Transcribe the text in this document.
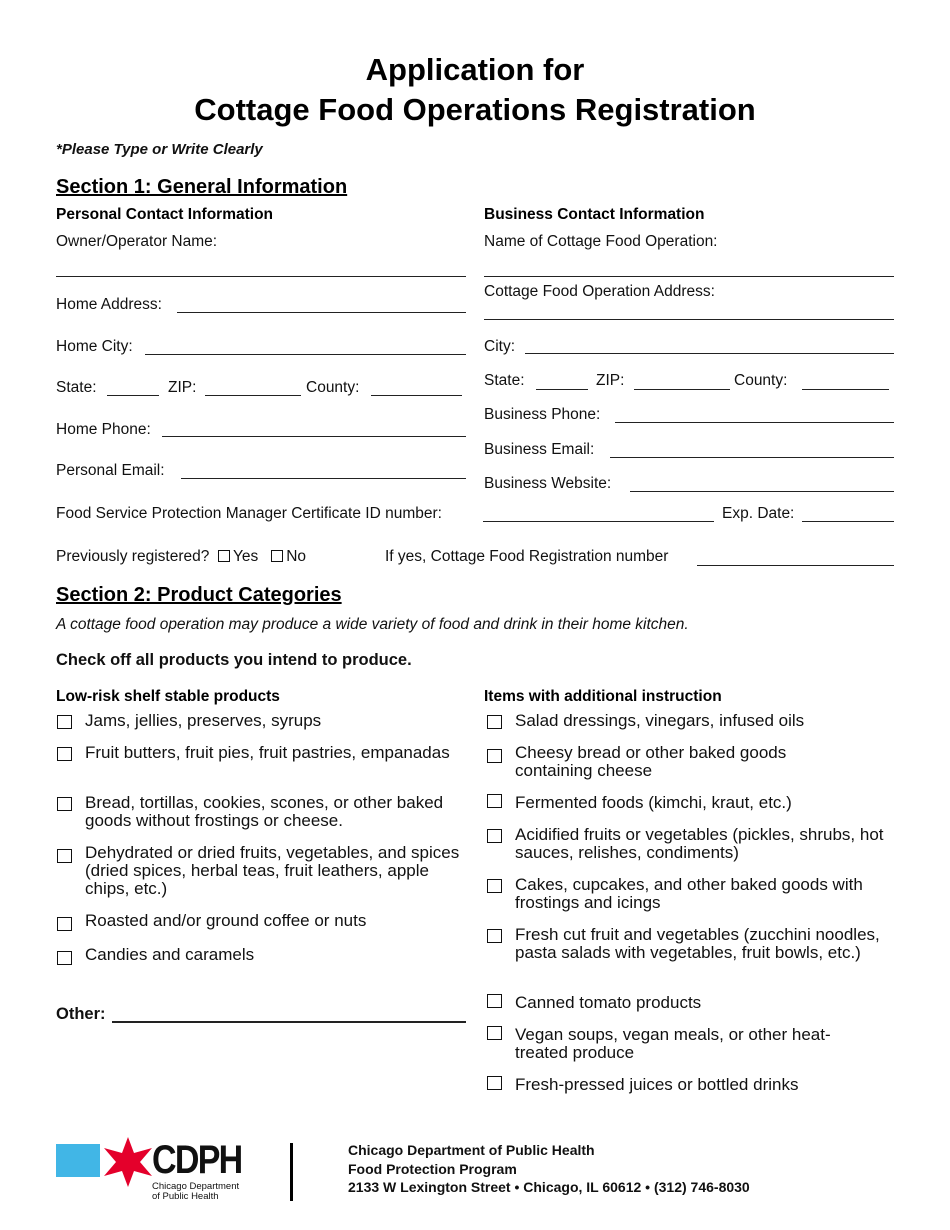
Application for
Cottage Food Operations Registration
*Please Type or Write Clearly
Section 1: General Information
Personal Contact Information
Owner/Operator Name:
Home Address:
Home City:
State:	ZIP:	County:
Home Phone:
Personal Email:
Business Contact Information
Name of Cottage Food Operation:
Cottage Food Operation Address:
City:
State:	ZIP:	County:
Business Phone:
Business Email:
Business Website:
Food Service Protection Manager Certificate ID number:	Exp. Date:
Previously registered? Yes No	If yes, Cottage Food Registration number
Section 2: Product Categories
A cottage food operation may produce a wide variety of food and drink in their home kitchen.
Check off all products you intend to produce.
Low-risk shelf stable products	Items with additional instruction
Jams, jellies, preserves, syrups
Fruit butters, fruit pies, fruit pastries, empanadas
Bread, tortillas, cookies, scones, or other baked goods without frostings or cheese.
Dehydrated or dried fruits, vegetables, and spices (dried spices, herbal teas, fruit leathers, apple chips, etc.)
Roasted and/or ground coffee or nuts
Candies and caramels
Other:
Salad dressings, vinegars, infused oils
Cheesy bread or other baked goods containing cheese
Fermented foods (kimchi, kraut, etc.)
Acidified fruits or vegetables (pickles, shrubs, hot sauces, relishes, condiments)
Cakes, cupcakes, and other baked goods with frostings and icings
Fresh cut fruit and vegetables (zucchini noodles, pasta salads with vegetables, fruit bowls, etc.)
Canned tomato products
Vegan soups, vegan meals, or other heat-treated produce
Fresh-pressed juices or bottled drinks
CDPH
Chicago Department
of Public Health
Chicago Department of Public Health
Food Protection Program
2133 W Lexington Street • Chicago, IL 60612 • (312) 746-8030
